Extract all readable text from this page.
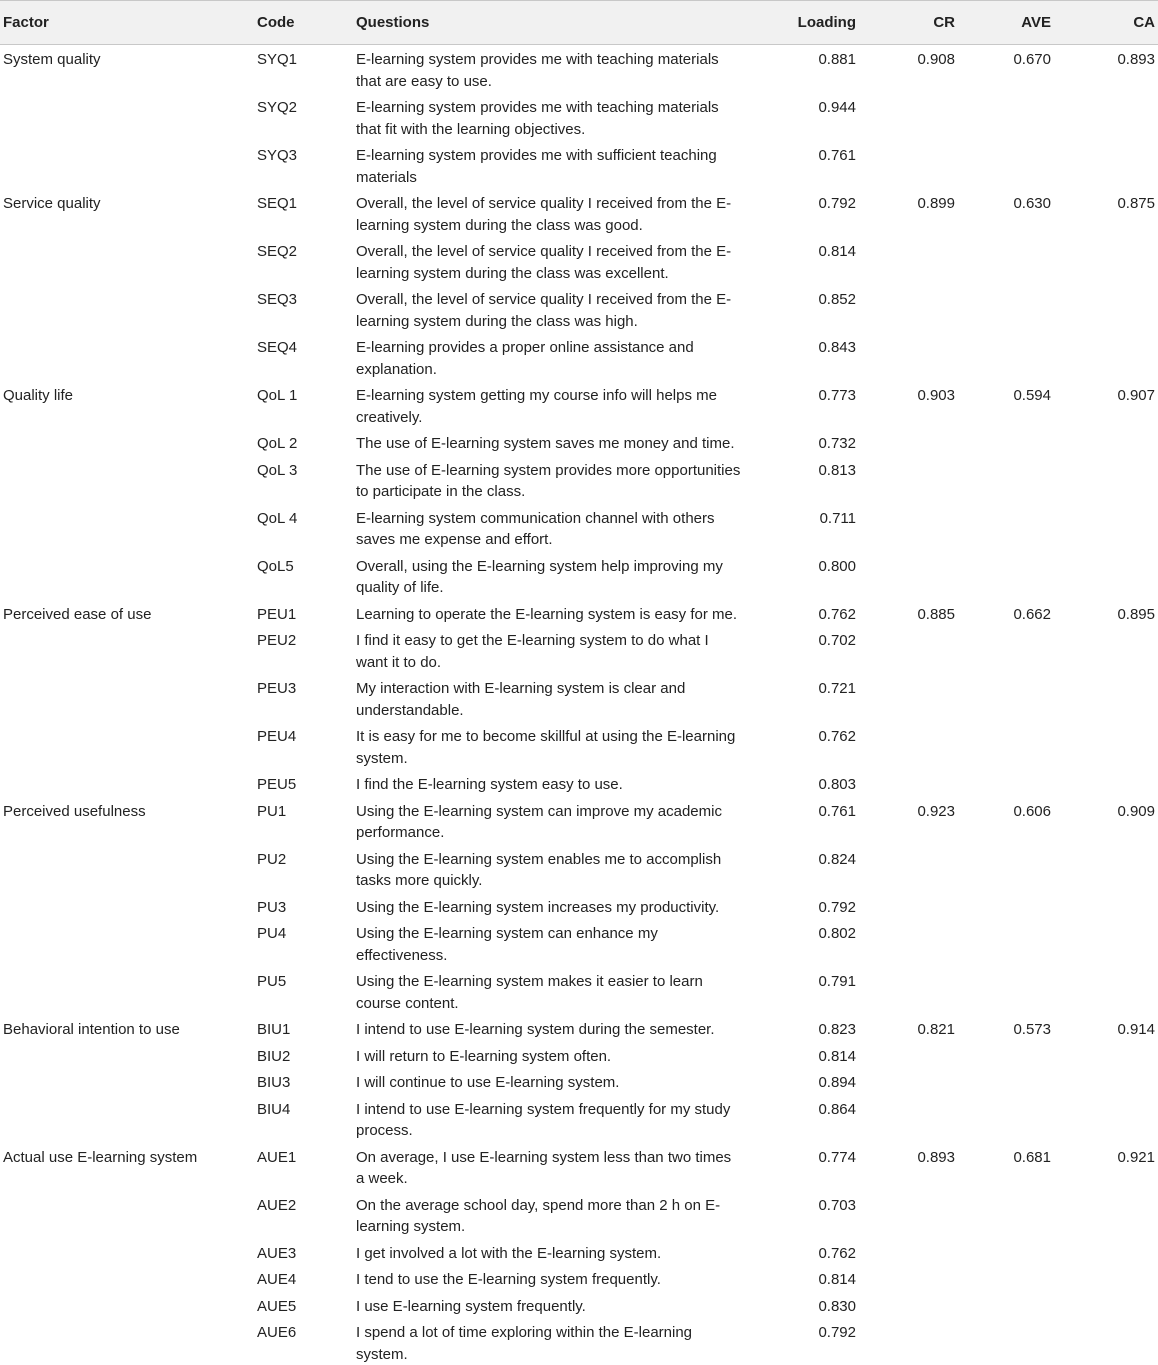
Factor	Code	Questions	Loading	CR	AVE	CA
System quality	SYQ1	E-learning system provides me with teaching materials that are easy to use.	0.881	0.908	0.670	0.893
	SYQ2	E-learning system provides me with teaching materials that fit with the learning objectives.	0.944			
	SYQ3	E-learning system provides me with sufficient teaching materials	0.761			
Service quality	SEQ1	Overall, the level of service quality I received from the E-learning system during the class was good.	0.792	0.899	0.630	0.875
	SEQ2	Overall, the level of service quality I received from the E-learning system during the class was excellent.	0.814			
	SEQ3	Overall, the level of service quality I received from the E-learning system during the class was high.	0.852			
	SEQ4	E-learning provides a proper online assistance and explanation.	0.843			
Quality life	QoL 1	E-learning system getting my course info will helps me creatively.	0.773	0.903	0.594	0.907
	QoL 2	The use of E-learning system saves me money and time.	0.732			
	QoL 3	The use of E-learning system provides more opportunities to participate in the class.	0.813			
	QoL 4	E-learning system communication channel with others saves me expense and effort.	0.711			
	QoL5	Overall, using the E-learning system help improving my quality of life.	0.800			
Perceived ease of use	PEU1	Learning to operate the E-learning system is easy for me.	0.762	0.885	0.662	0.895
	PEU2	I find it easy to get the E-learning system to do what I want it to do.	0.702			
	PEU3	My interaction with E-learning system is clear and understandable.	0.721			
	PEU4	It is easy for me to become skillful at using the E-learning system.	0.762			
	PEU5	I find the E-learning system easy to use.	0.803			
Perceived usefulness	PU1	Using the E-learning system can improve my academic performance.	0.761	0.923	0.606	0.909
	PU2	Using the E-learning system enables me to accomplish tasks more quickly.	0.824			
	PU3	Using the E-learning system increases my productivity.	0.792			
	PU4	Using the E-learning system can enhance my effectiveness.	0.802			
	PU5	Using the E-learning system makes it easier to learn course content.	0.791			
Behavioral intention to use	BIU1	I intend to use E-learning system during the semester.	0.823	0.821	0.573	0.914
	BIU2	I will return to E-learning system often.	0.814			
	BIU3	I will continue to use E-learning system.	0.894			
	BIU4	I intend to use E-learning system frequently for my study process.	0.864			
Actual use E-learning system	AUE1	On average, I use E-learning system less than two times a week.	0.774	0.893	0.681	0.921
	AUE2	On the average school day, spend more than 2 h on E-learning system.	0.703			
	AUE3	I get involved a lot with the E-learning system.	0.762			
	AUE4	I tend to use the E-learning system frequently.	0.814			
	AUE5	I use E-learning system frequently.	0.830			
	AUE6	I spend a lot of time exploring within the E-learning system.	0.792			
